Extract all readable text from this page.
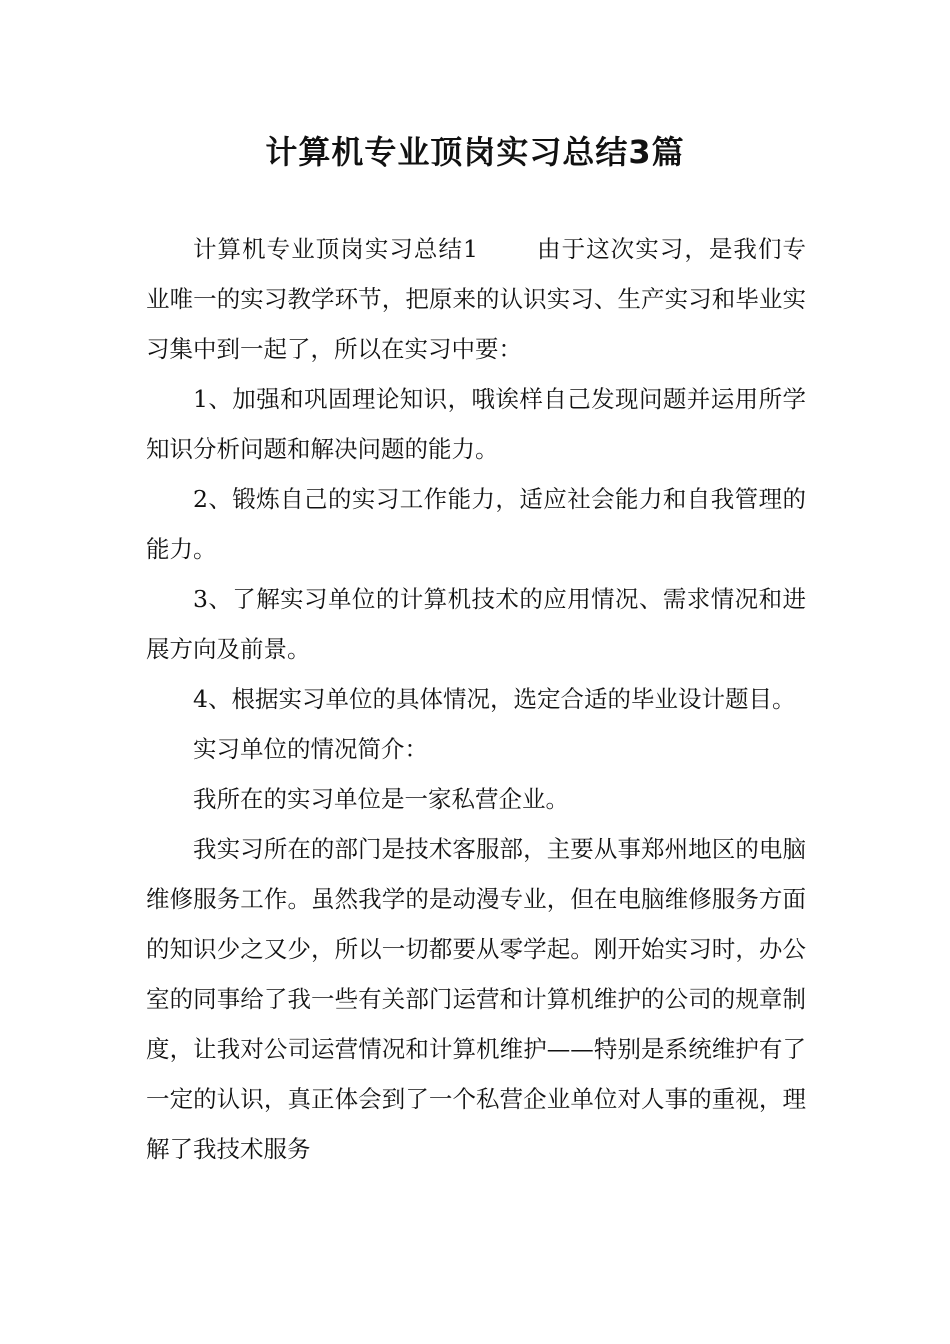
计算机专业顶岗实习总结3篇

计算机专业顶岗实习总结1 由于这次实习，是我们专业唯一的实习教学环节，把原来的认识实习、生产实习和毕业实习集中到一起了，所以在实习中要：

1、加强和巩固理论知识，哦诶样自己发现问题并运用所学知识分析问题和解决问题的能力。

2、锻炼自己的实习工作能力，适应社会能力和自我管理的能力。

3、了解实习单位的计算机技术的应用情况、需求情况和进展方向及前景。

4、根据实习单位的具体情况，选定合适的毕业设计题目。

实习单位的情况简介：

我所在的实习单位是一家私营企业。

我实习所在的部门是技术客服部，主要从事郑州地区的电脑维修服务工作。虽然我学的是动漫专业，但在电脑维修服务方面的知识少之又少，所以一切都要从零学起。刚开始实习时，办公室的同事给了我一些有关部门运营和计算机维护的公司的规章制度，让我对公司运营情况和计算机维护——特别是系统维护有了一定的认识，真正体会到了一个私营企业单位对人事的重视，理解了我技术服务
